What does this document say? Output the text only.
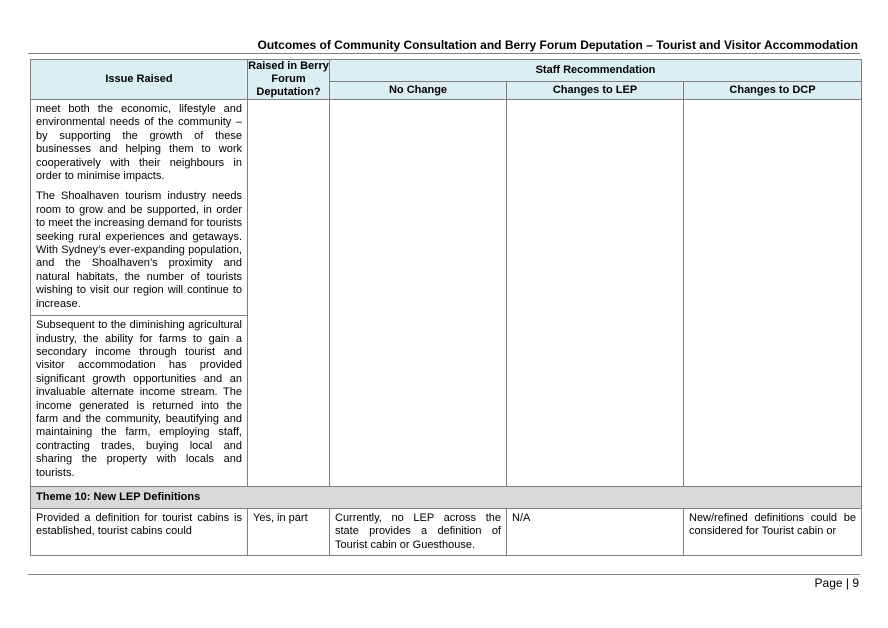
Outcomes of Community Consultation and Berry Forum Deputation – Tourist and Visitor Accommodation
Issue Raised	Raised in Berry Forum Deputation?	Staff Recommendation		
		No Change	Changes to LEP	Changes to DCP

meet both the economic, lifestyle and environmental needs of the community – by supporting the growth of these businesses and helping them to work cooperatively with their neighbours in order to minimise impacts.
The Shoalhaven tourism industry needs room to grow and be supported, in order to meet the increasing demand for tourists seeking rural experiences and getaways. With Sydney’s ever-expanding population, and the Shoalhaven’s proximity and natural habitats, the number of tourists wishing to visit our region will continue to increase.
Subsequent to the diminishing agricultural industry, the ability for farms to gain a secondary income through tourist and visitor accommodation has provided significant growth opportunities and an invaluable alternate income stream. The income generated is returned into the farm and the community, beautifying and maintaining the farm, employing staff, contracting trades, buying local and sharing the property with locals and tourists.				

Theme 10: New LEP Definitions				
Provided a definition for tourist cabins is established, tourist cabins could	Yes, in part	Currently, no LEP across the state provides a definition of Tourist cabin or Guesthouse.	N/A	New/refined definitions could be considered for Tourist cabin or
Page | 9
